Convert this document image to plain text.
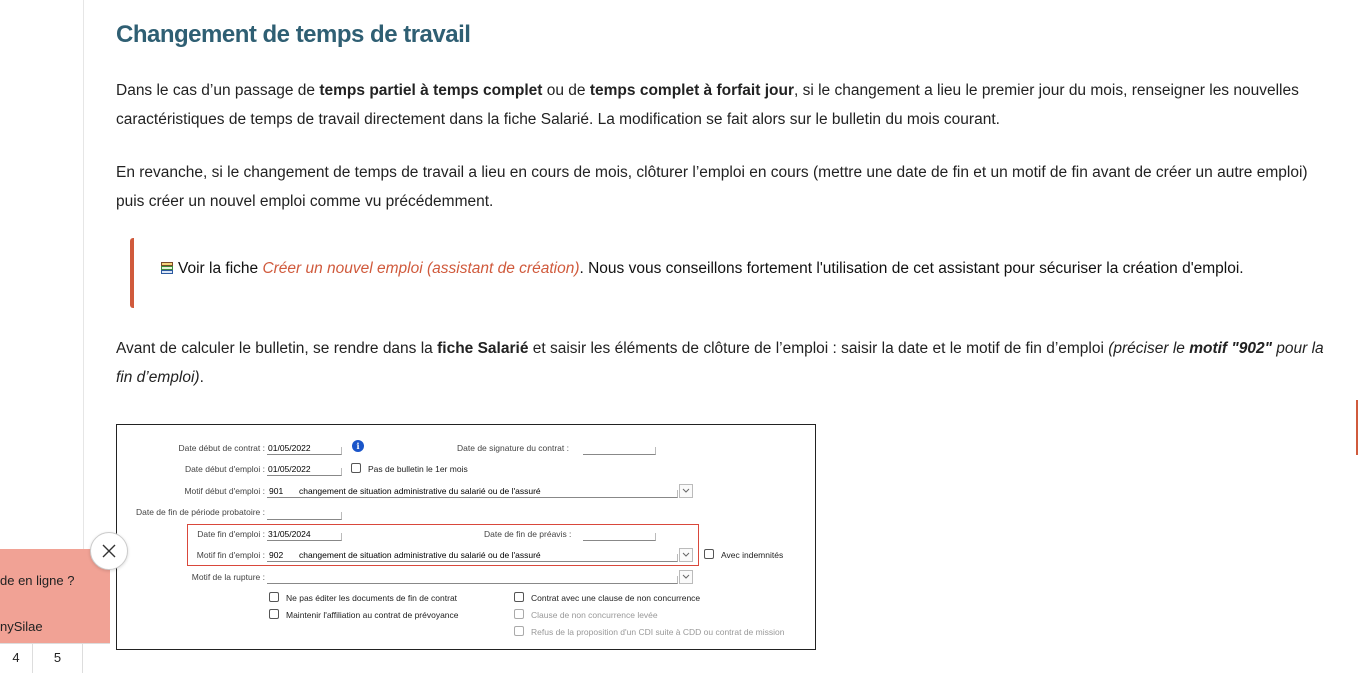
Changement de temps de travail

Dans le cas d’un passage de temps partiel à temps complet ou de temps complet à forfait jour, si le changement a lieu le premier jour du mois, renseigner les nouvelles caractéristiques de temps de travail directement dans la fiche Salarié. La modification se fait alors sur le bulletin du mois courant.

En revanche, si le changement de temps de travail a lieu en cours de mois, clôturer l’emploi en cours (mettre une date de fin et un motif de fin avant de créer un autre emploi) puis créer un nouvel emploi comme vu précédemment.

Voir la fiche Créer un nouvel emploi (assistant de création). Nous vous conseillons fortement l'utilisation de cet assistant pour sécuriser la création d'emploi.

Avant de calculer le bulletin, se rendre dans la fiche Salarié et saisir les éléments de clôture de l’emploi : saisir la date et le motif de fin d’emploi (préciser le motif "902" pour la fin d’emploi).

Date début de contrat : 01/05/2022	i	Date de signature du contrat :
Date début d'emploi : 01/05/2022	Pas de bulletin le 1er mois
Motif début d'emploi : 901 changement de situation administrative du salarié ou de l'assuré
Date de fin de période probatoire :
Date fin d'emploi : 31/05/2024	Date de fin de préavis :
Motif fin d'emploi : 902 changement de situation administrative du salarié ou de l'assuré	Avec indemnités
Motif de la rupture :
Ne pas éditer les documents de fin de contrat
Maintenir l'affiliation au contrat de prévoyance
Contrat avec une clause de non concurrence
Clause de non concurrence levée
Refus de la proposition d'un CDI suite à CDD ou contrat de mission
de en ligne ?
nySilae
4	5
